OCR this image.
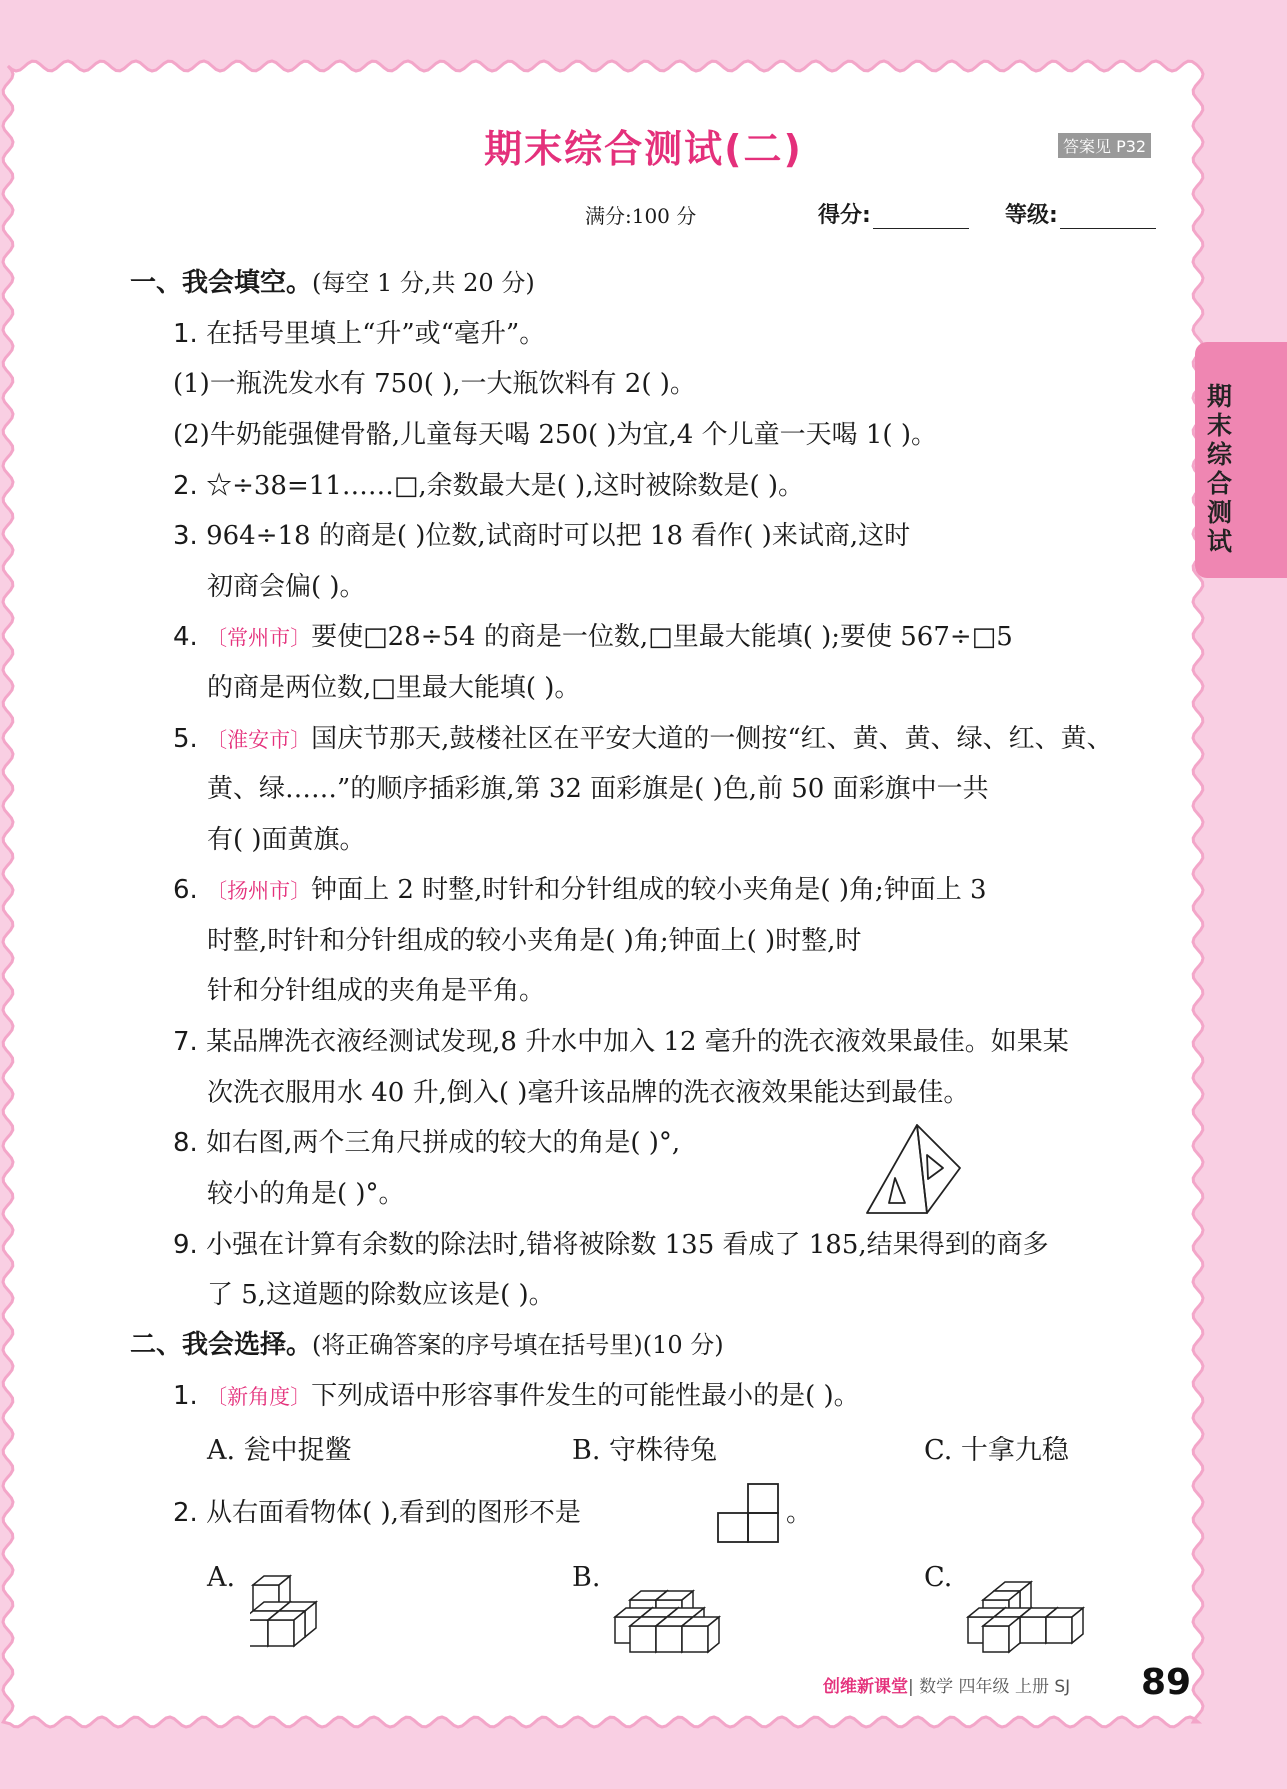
期末综合测试(二)	答案见 P32
满分:100 分	得分:	等级:
期末综合测试
一、我会填空。(每空 1 分,共 20 分)
1. 在括号里填上“升”或“毫升”。
(1)一瓶洗发水有 750( ),一大瓶饮料有 2( )。
(2)牛奶能强健骨骼,儿童每天喝 250( )为宜,4 个儿童一天喝 1( )。
2. ☆÷38=11……□,余数最大是( ),这时被除数是( )。
3. 964÷18 的商是( )位数,试商时可以把 18 看作( )来试商,这时
初商会偏( )。
4. 〔常州市〕要使□28÷54 的商是一位数,□里最大能填( );要使 567÷□5
的商是两位数,□里最大能填( )。
5. 〔淮安市〕国庆节那天,鼓楼社区在平安大道的一侧按“红、黄、黄、绿、红、黄、
黄、绿……”的顺序插彩旗,第 32 面彩旗是( )色,前 50 面彩旗中一共
有( )面黄旗。
6. 〔扬州市〕钟面上 2 时整,时针和分针组成的较小夹角是( )角;钟面上 3
时整,时针和分针组成的较小夹角是( )角;钟面上( )时整,时
针和分针组成的夹角是平角。
7. 某品牌洗衣液经测试发现,8 升水中加入 12 毫升的洗衣液效果最佳。如果某
次洗衣服用水 40 升,倒入( )毫升该品牌的洗衣液效果能达到最佳。
8. 如右图,两个三角尺拼成的较大的角是( )°,
较小的角是( )°。
9. 小强在计算有余数的除法时,错将被除数 135 看成了 185,结果得到的商多
了 5,这道题的除数应该是( )。
二、我会选择。(将正确答案的序号填在括号里)(10 分)
1. 〔新角度〕下列成语中形容事件发生的可能性最小的是( )。
A. 瓮中捉鳖	B. 守株待兔	C. 十拿九稳
2. 从右面看物体( ),看到的图形不是	。
A.	B.	C.
创维新课堂| 数学 四年级 上册 SJ 89
